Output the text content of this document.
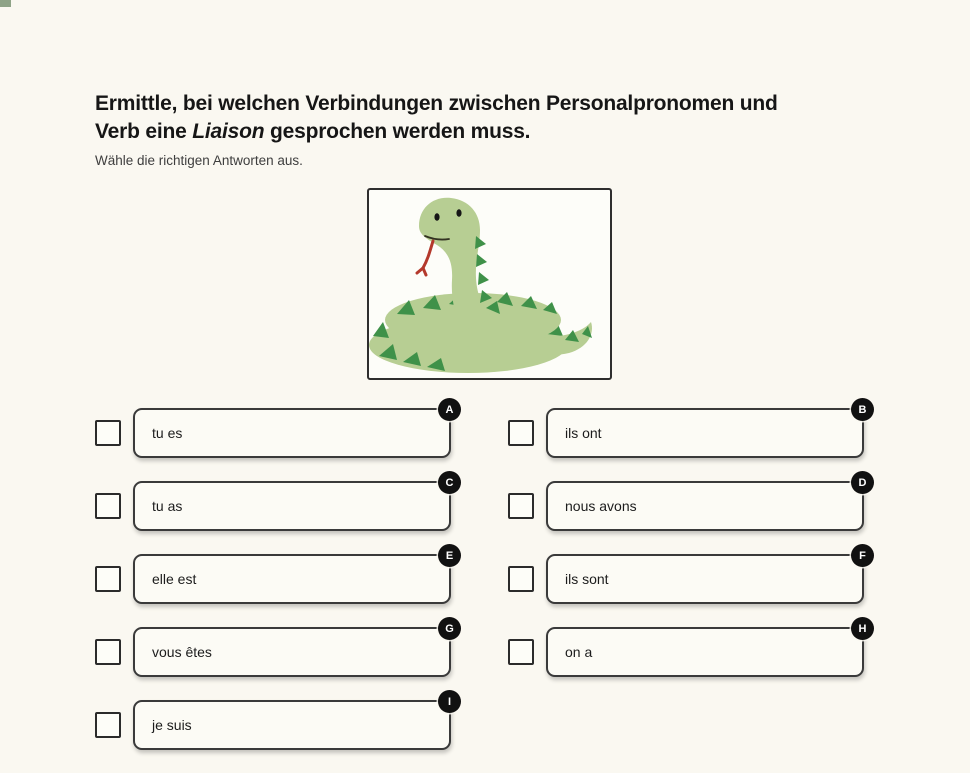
Ermittle, bei welchen Verbindungen zwischen Personalpronomen und
Verb eine Liaison gesprochen werden muss.
Wähle die richtigen Antworten aus.
tu es
A
ils ont
B
tu as
C
nous avons
D
elle est
E
ils sont
F
vous êtes
G
on a
H
je suis
I
